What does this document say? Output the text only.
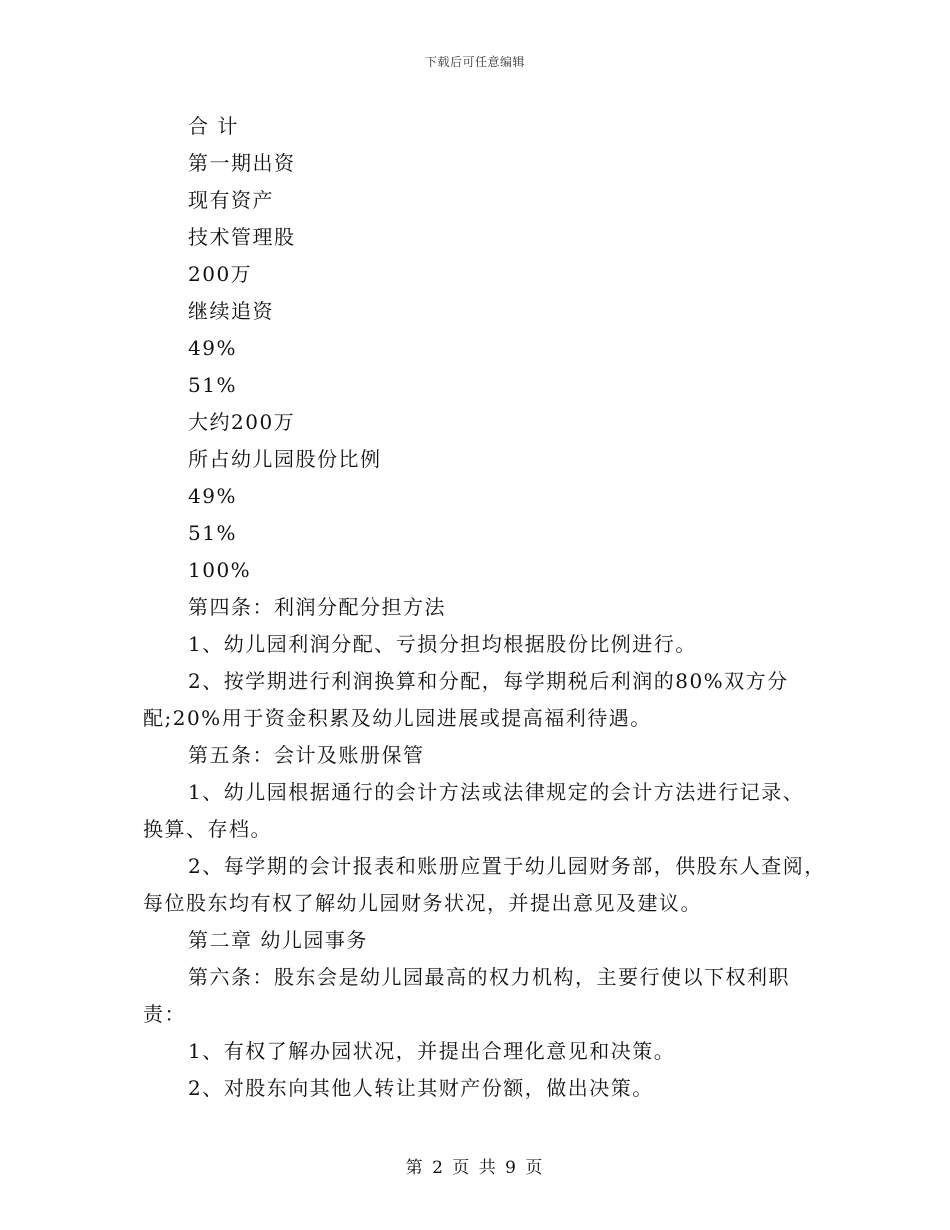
下载后可任意编辑
合 计
第一期出资
现有资产
技术管理股
200万
继续追资
49%
51%
大约200万
所占幼儿园股份比例
49%
51%
100%
第四条：利润分配分担方法
1、幼儿园利润分配、亏损分担均根据股份比例进行。
2、按学期进行利润换算和分配，每学期税后利润的80%双方分
配;20%用于资金积累及幼儿园进展或提高福利待遇。
第五条：会计及账册保管
1、幼儿园根据通行的会计方法或法律规定的会计方法进行记录、
换算、存档。
2、每学期的会计报表和账册应置于幼儿园财务部，供股东人查阅，
每位股东均有权了解幼儿园财务状况，并提出意见及建议。
第二章 幼儿园事务
第六条：股东会是幼儿园最高的权力机构，主要行使以下权利职
责：
1、有权了解办园状况，并提出合理化意见和决策。
2、对股东向其他人转让其财产份额，做出决策。
第 2 页 共 9 页
